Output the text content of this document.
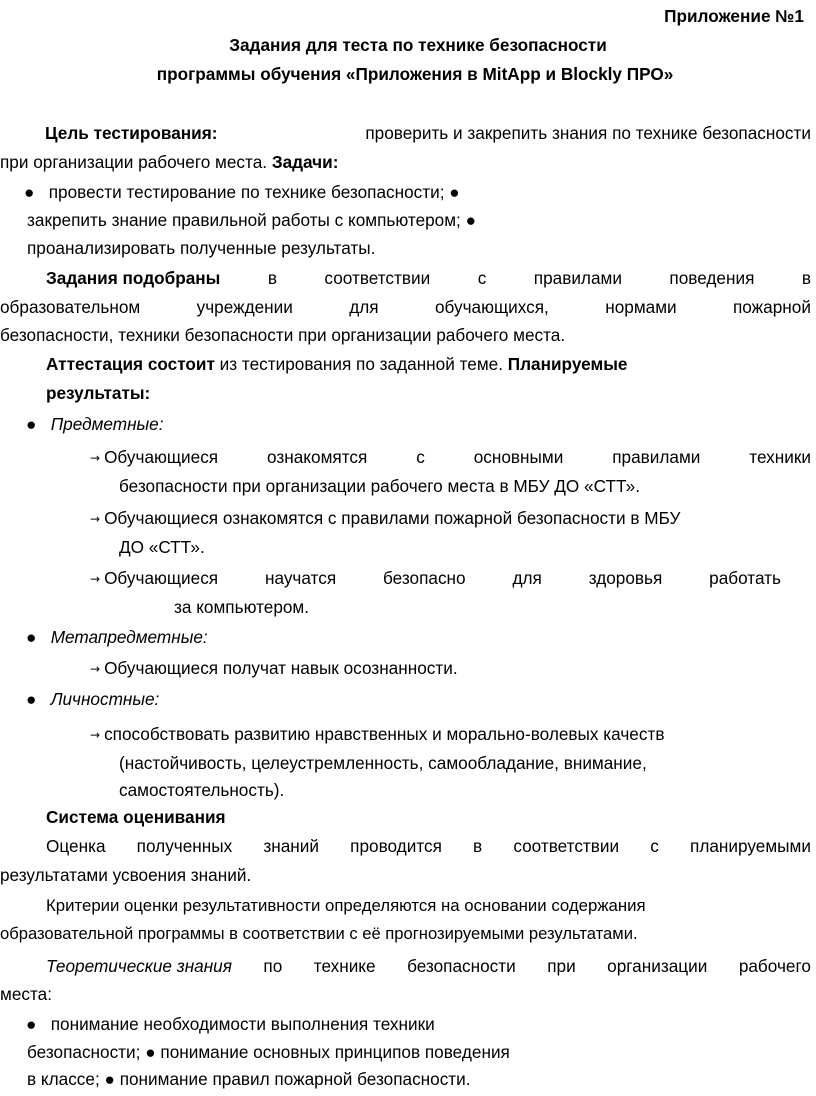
Приложение №1
Задания для теста по технике безопасности
программы обучения «Приложения в MitApp и Blockly ПРО»
Цель тестирования:	проверить и закрепить знания по технике безопасности
при организации рабочего места. Задачи:
● провести тестирование по технике безопасности; ●
закрепить знание правильной работы с компьютером; ●
проанализировать полученные результаты.
Задания подобраны	в	соответствии	с	правилами	поведения	в
образовательном	учреждении	для	обучающихся,	нормами	пожарной
безопасности, техники безопасности при организации рабочего места.
Аттестация состоит из тестирования по заданной теме. Планируемые
результаты:
● Предметные:
→ Обучающиеся	ознакомятся	с	основными	правилами	техники
безопасности при организации рабочего места в МБУ ДО «СТТ».
→ Обучающиеся ознакомятся с правилами пожарной безопасности в МБУ
ДО «СТТ».
→ Обучающиеся	научатся	безопасно	для	здоровья	работать
за компьютером.
● Метапредметные:
→ Обучающиеся получат навык осознанности.
● Личностные:
→ способствовать развитию нравственных и морально-волевых качеств
(настойчивость, целеустремленность, самообладание, внимание,
самостоятельность).
Система оценивания
Оценка полученных знаний проводится в соответствии с планируемыми
результатами усвоения знаний.
Критерии оценки результативности определяются на основании содержания
образовательной программы в соответствии с её прогнозируемыми результатами.
Теоретические знания по технике безопасности при организации рабочего
места:
● понимание необходимости выполнения техники
безопасности; ● понимание основных принципов поведения
в классе; ● понимание правил пожарной безопасности.
